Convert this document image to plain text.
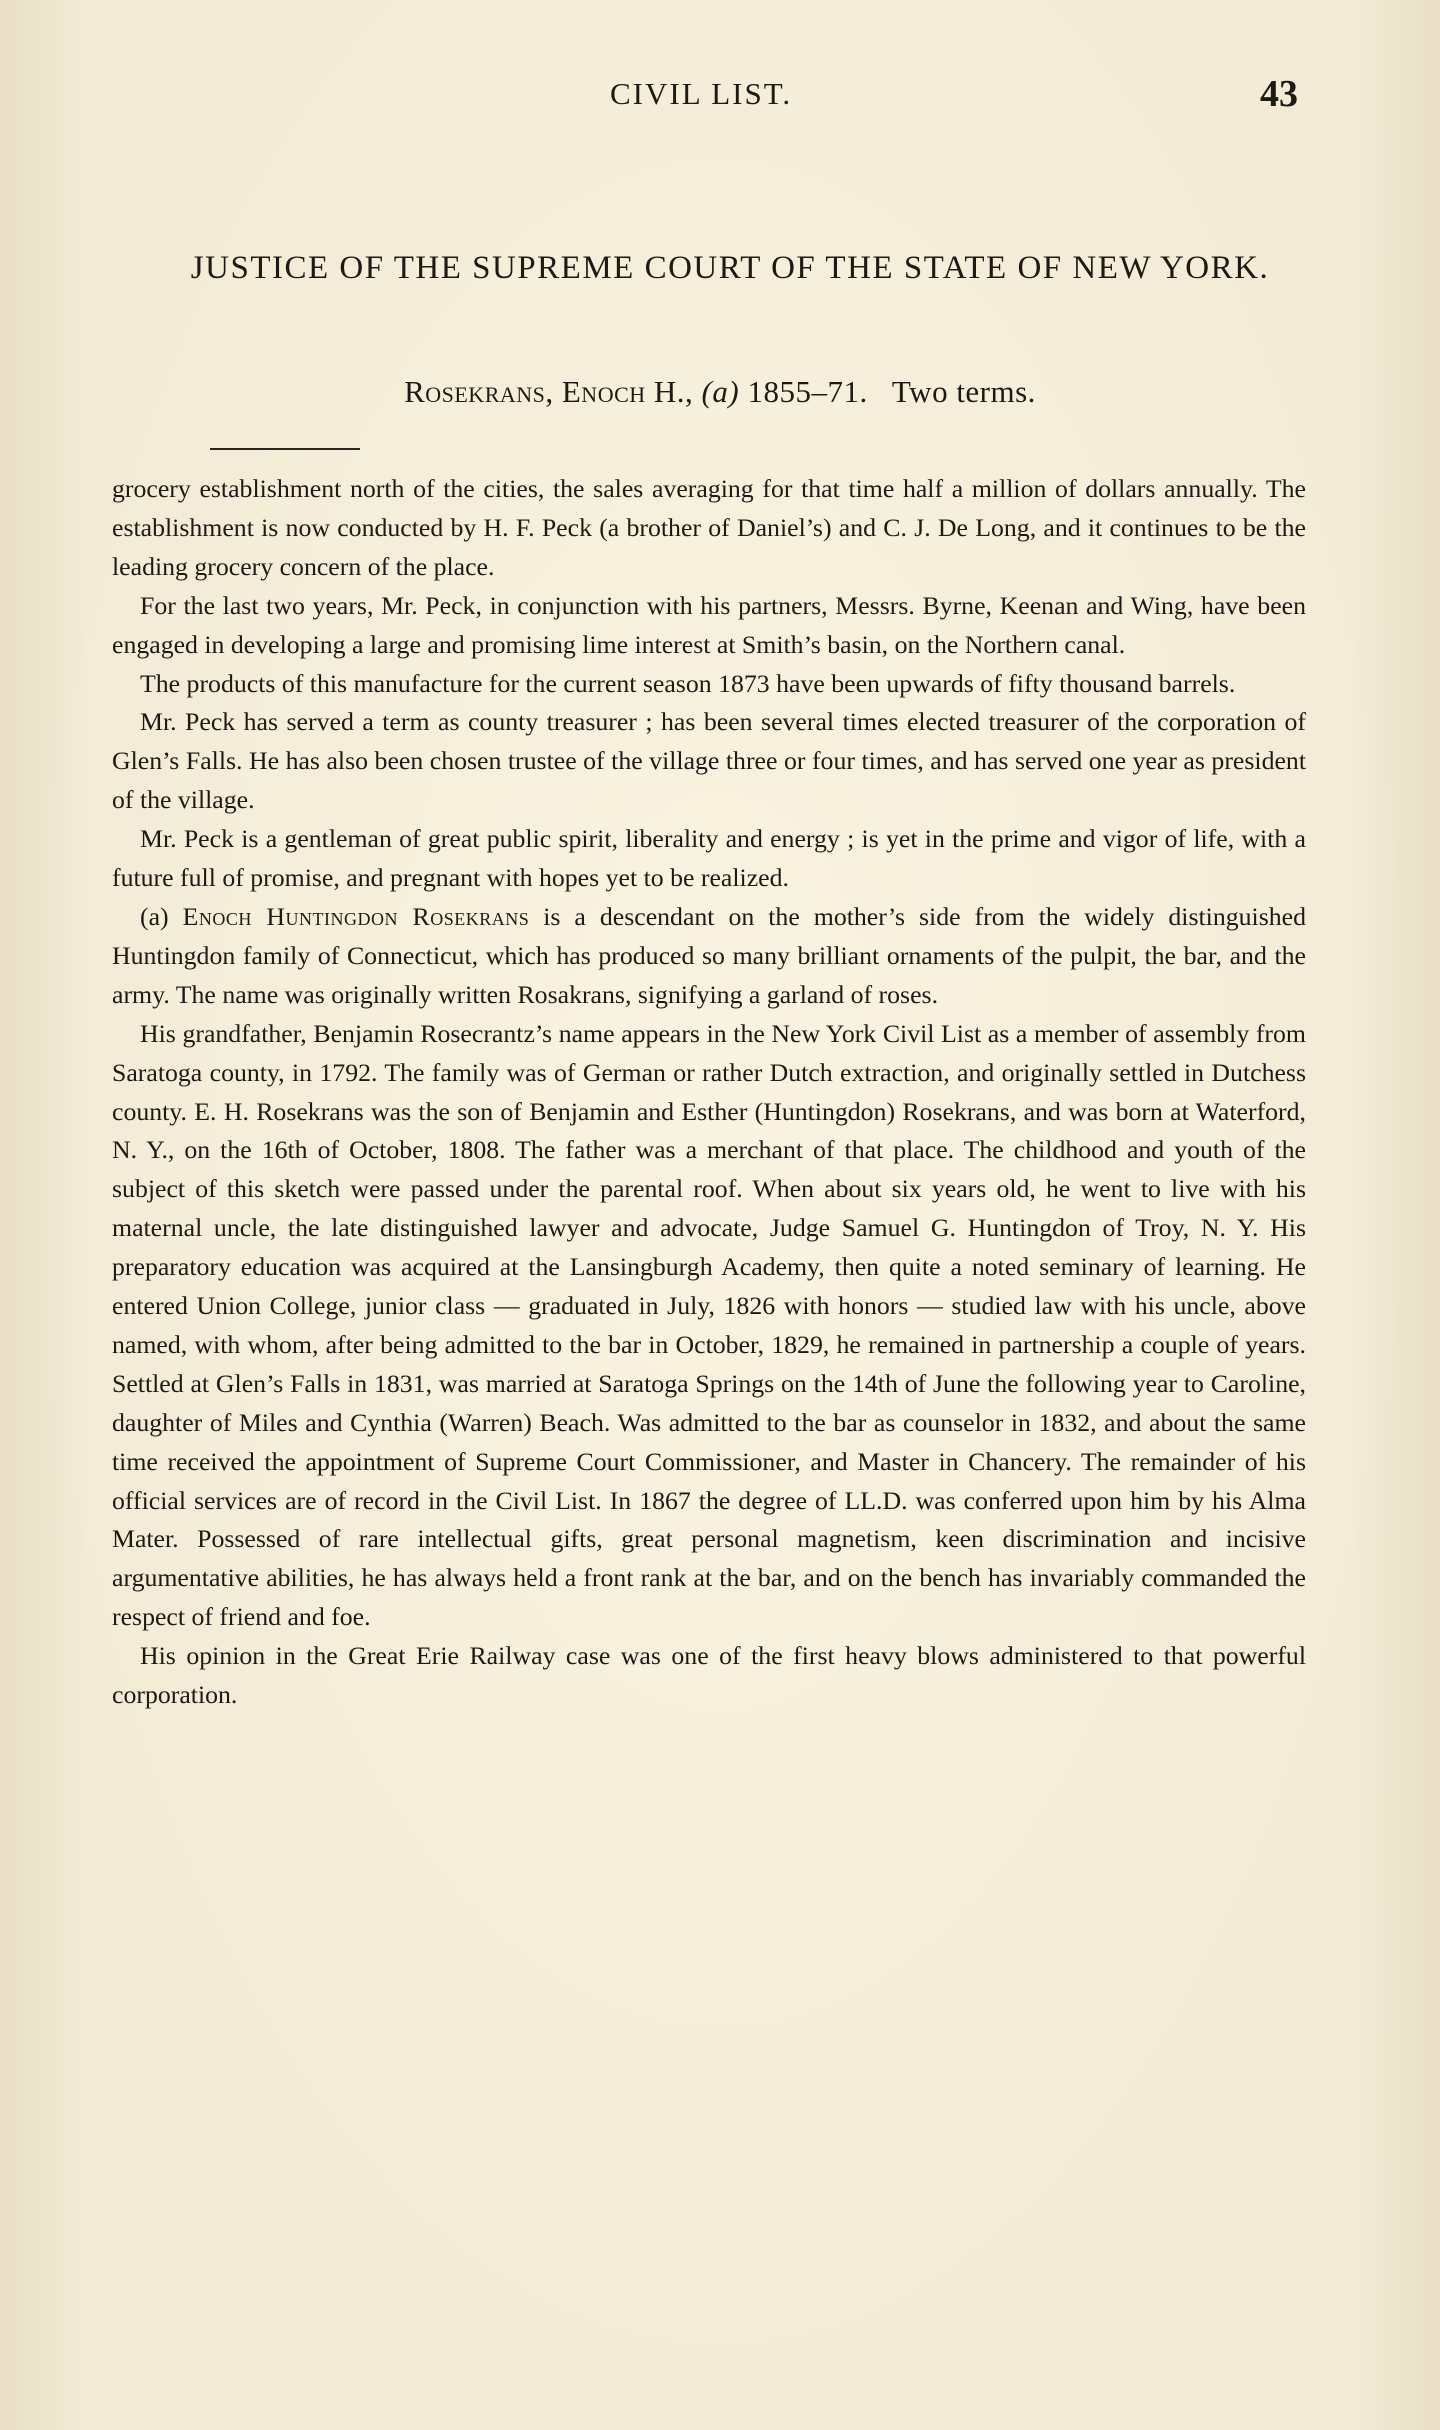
CIVIL LIST.	43
JUSTICE OF THE SUPREME COURT OF THE STATE OF NEW YORK.
Rosekrans, Enoch H., (a) 1855–71. Two terms.

grocery establishment north of the cities, the sales averaging for that time half a million of dollars annually. The establishment is now conducted by H. F. Peck (a brother of Daniel’s) and C. J. De Long, and it continues to be the leading grocery concern of the place.

For the last two years, Mr. Peck, in conjunction with his partners, Messrs. Byrne, Keenan and Wing, have been engaged in developing a large and promising lime interest at Smith’s basin, on the Northern canal.

The products of this manufacture for the current season 1873 have been upwards of fifty thousand barrels.

Mr. Peck has served a term as county treasurer ; has been several times elected treasurer of the corporation of Glen’s Falls. He has also been chosen trustee of the village three or four times, and has served one year as president of the village.

Mr. Peck is a gentleman of great public spirit, liberality and energy ; is yet in the prime and vigor of life, with a future full of promise, and pregnant with hopes yet to be realized.

(a) Enoch Huntingdon Rosekrans is a descendant on the mother’s side from the widely distinguished Huntingdon family of Connecticut, which has produced so many brilliant ornaments of the pulpit, the bar, and the army. The name was originally written Rosakrans, signifying a garland of roses.

His grandfather, Benjamin Rosecrantz’s name appears in the New York Civil List as a member of assembly from Saratoga county, in 1792. The family was of German or rather Dutch extraction, and originally settled in Dutchess county. E. H. Rosekrans was the son of Benjamin and Esther (Huntingdon) Rosekrans, and was born at Waterford, N. Y., on the 16th of October, 1808. The father was a merchant of that place. The childhood and youth of the subject of this sketch were passed under the parental roof. When about six years old, he went to live with his maternal uncle, the late distinguished lawyer and advocate, Judge Samuel G. Huntingdon of Troy, N. Y. His preparatory education was acquired at the Lansingburgh Academy, then quite a noted seminary of learning. He entered Union College, junior class — graduated in July, 1826 with honors — studied law with his uncle, above named, with whom, after being admitted to the bar in October, 1829, he remained in partnership a couple of years. Settled at Glen’s Falls in 1831, was married at Saratoga Springs on the 14th of June the following year to Caroline, daughter of Miles and Cynthia (Warren) Beach. Was admitted to the bar as counselor in 1832, and about the same time received the appointment of Supreme Court Commissioner, and Master in Chancery. The remainder of his official services are of record in the Civil List. In 1867 the degree of LL.D. was conferred upon him by his Alma Mater. Possessed of rare intellectual gifts, great personal magnetism, keen discrimination and incisive argumentative abilities, he has always held a front rank at the bar, and on the bench has invariably commanded the respect of friend and foe.

His opinion in the Great Erie Railway case was one of the first heavy blows administered to that powerful corporation.
